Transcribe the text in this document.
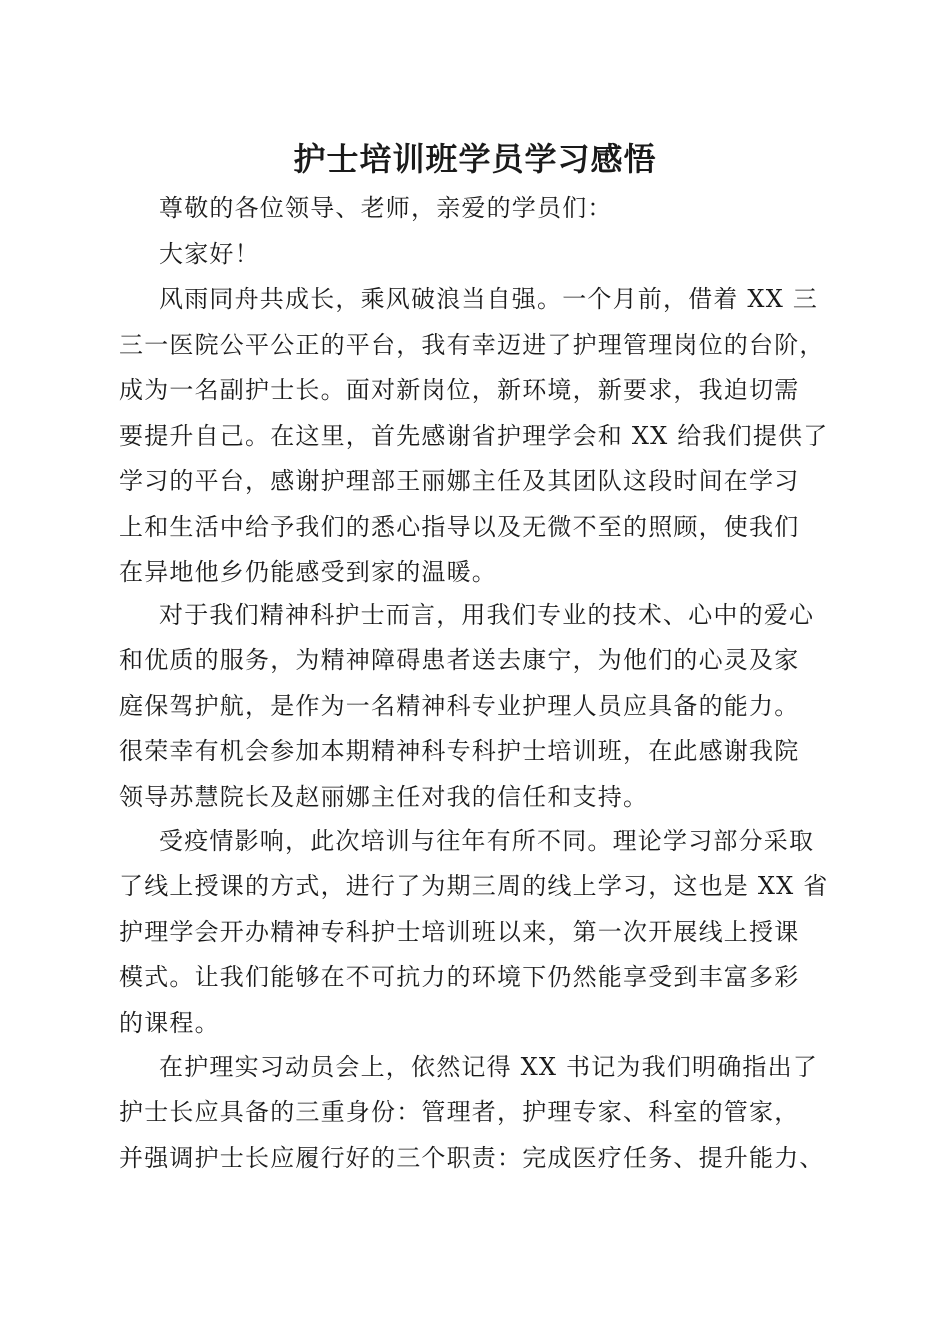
护士培训班学员学习感悟
尊敬的各位领导、老师，亲爱的学员们：
大家好！
风雨同舟共成长，乘风破浪当自强。一个月前，借着 XX 三
三一医院公平公正的平台，我有幸迈进了护理管理岗位的台阶，
成为一名副护士长。面对新岗位，新环境，新要求，我迫切需
要提升自己。在这里，首先感谢省护理学会和 XX 给我们提供了
学习的平台，感谢护理部王丽娜主任及其团队这段时间在学习
上和生活中给予我们的悉心指导以及无微不至的照顾，使我们
在异地他乡仍能感受到家的温暖。
对于我们精神科护士而言，用我们专业的技术、心中的爱心
和优质的服务，为精神障碍患者送去康宁，为他们的心灵及家
庭保驾护航，是作为一名精神科专业护理人员应具备的能力。
很荣幸有机会参加本期精神科专科护士培训班，在此感谢我院
领导苏慧院长及赵丽娜主任对我的信任和支持。
受疫情影响，此次培训与往年有所不同。理论学习部分采取
了线上授课的方式，进行了为期三周的线上学习，这也是 XX 省
护理学会开办精神专科护士培训班以来，第一次开展线上授课
模式。让我们能够在不可抗力的环境下仍然能享受到丰富多彩
的课程。
在护理实习动员会上，依然记得 XX 书记为我们明确指出了
护士长应具备的三重身份：管理者，护理专家、科室的管家，
并强调护士长应履行好的三个职责：完成医疗任务、提升能力、
